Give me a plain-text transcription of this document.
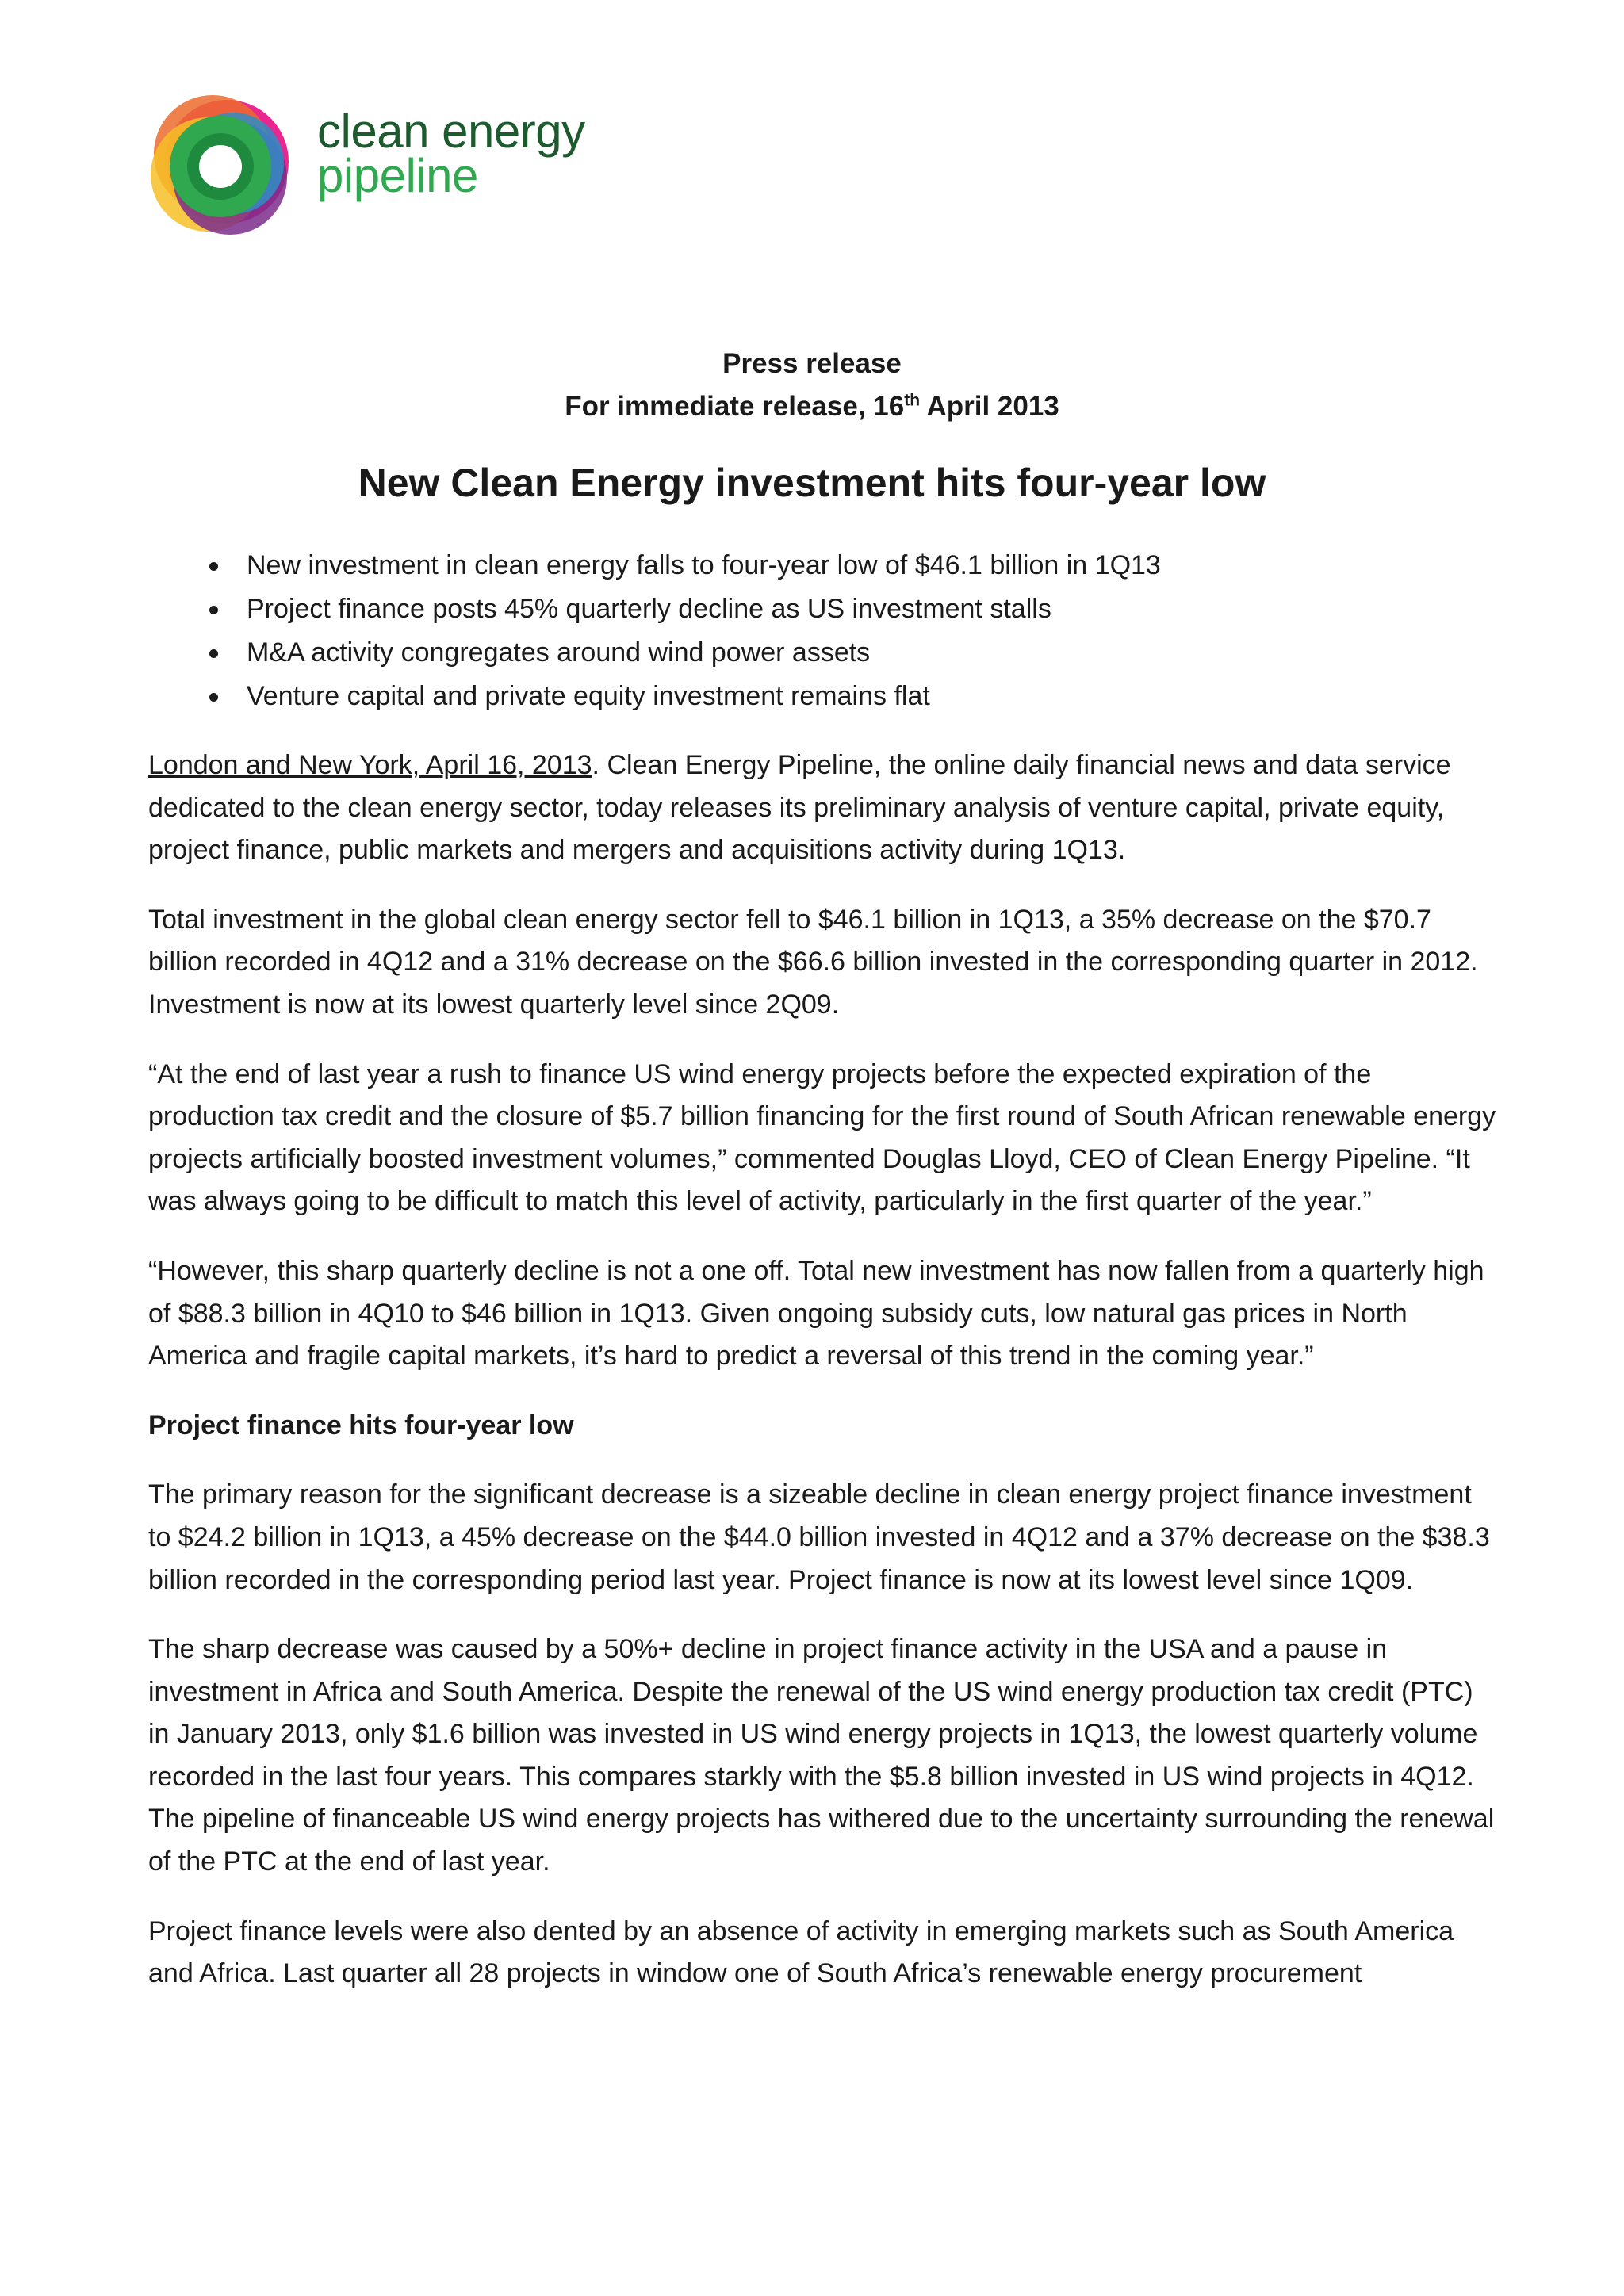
clean energy
pipeline
Press release
For immediate release, 16th April 2013
New Clean Energy investment hits four-year low
New investment in clean energy falls to four-year low of $46.1 billion in 1Q13
Project finance posts 45% quarterly decline as US investment stalls
M&A activity congregates around wind power assets
Venture capital and private equity investment remains flat

London and New York, April 16, 2013. Clean Energy Pipeline, the online daily financial news and data service dedicated to the clean energy sector, today releases its preliminary analysis of venture capital, private equity, project finance, public markets and mergers and acquisitions activity during 1Q13.

Total investment in the global clean energy sector fell to $46.1 billion in 1Q13, a 35% decrease on the $70.7 billion recorded in 4Q12 and a 31% decrease on the $66.6 billion invested in the corresponding quarter in 2012. Investment is now at its lowest quarterly level since 2Q09.

“At the end of last year a rush to finance US wind energy projects before the expected expiration of the production tax credit and the closure of $5.7 billion financing for the first round of South African renewable energy projects artificially boosted investment volumes,” commented Douglas Lloyd, CEO of Clean Energy Pipeline. “It was always going to be difficult to match this level of activity, particularly in the first quarter of the year.”

“However, this sharp quarterly decline is not a one off. Total new investment has now fallen from a quarterly high of $88.3 billion in 4Q10 to $46 billion in 1Q13. Given ongoing subsidy cuts, low natural gas prices in North America and fragile capital markets, it’s hard to predict a reversal of this trend in the coming year.”

Project finance hits four-year low

The primary reason for the significant decrease is a sizeable decline in clean energy project finance investment to $24.2 billion in 1Q13, a 45% decrease on the $44.0 billion invested in 4Q12 and a 37% decrease on the $38.3 billion recorded in the corresponding period last year. Project finance is now at its lowest level since 1Q09.

The sharp decrease was caused by a 50%+ decline in project finance activity in the USA and a pause in investment in Africa and South America. Despite the renewal of the US wind energy production tax credit (PTC) in January 2013, only $1.6 billion was invested in US wind energy projects in 1Q13, the lowest quarterly volume recorded in the last four years. This compares starkly with the $5.8 billion invested in US wind projects in 4Q12. The pipeline of financeable US wind energy projects has withered due to the uncertainty surrounding the renewal of the PTC at the end of last year.

Project finance levels were also dented by an absence of activity in emerging markets such as South America and Africa. Last quarter all 28 projects in window one of South Africa’s renewable energy procurement
